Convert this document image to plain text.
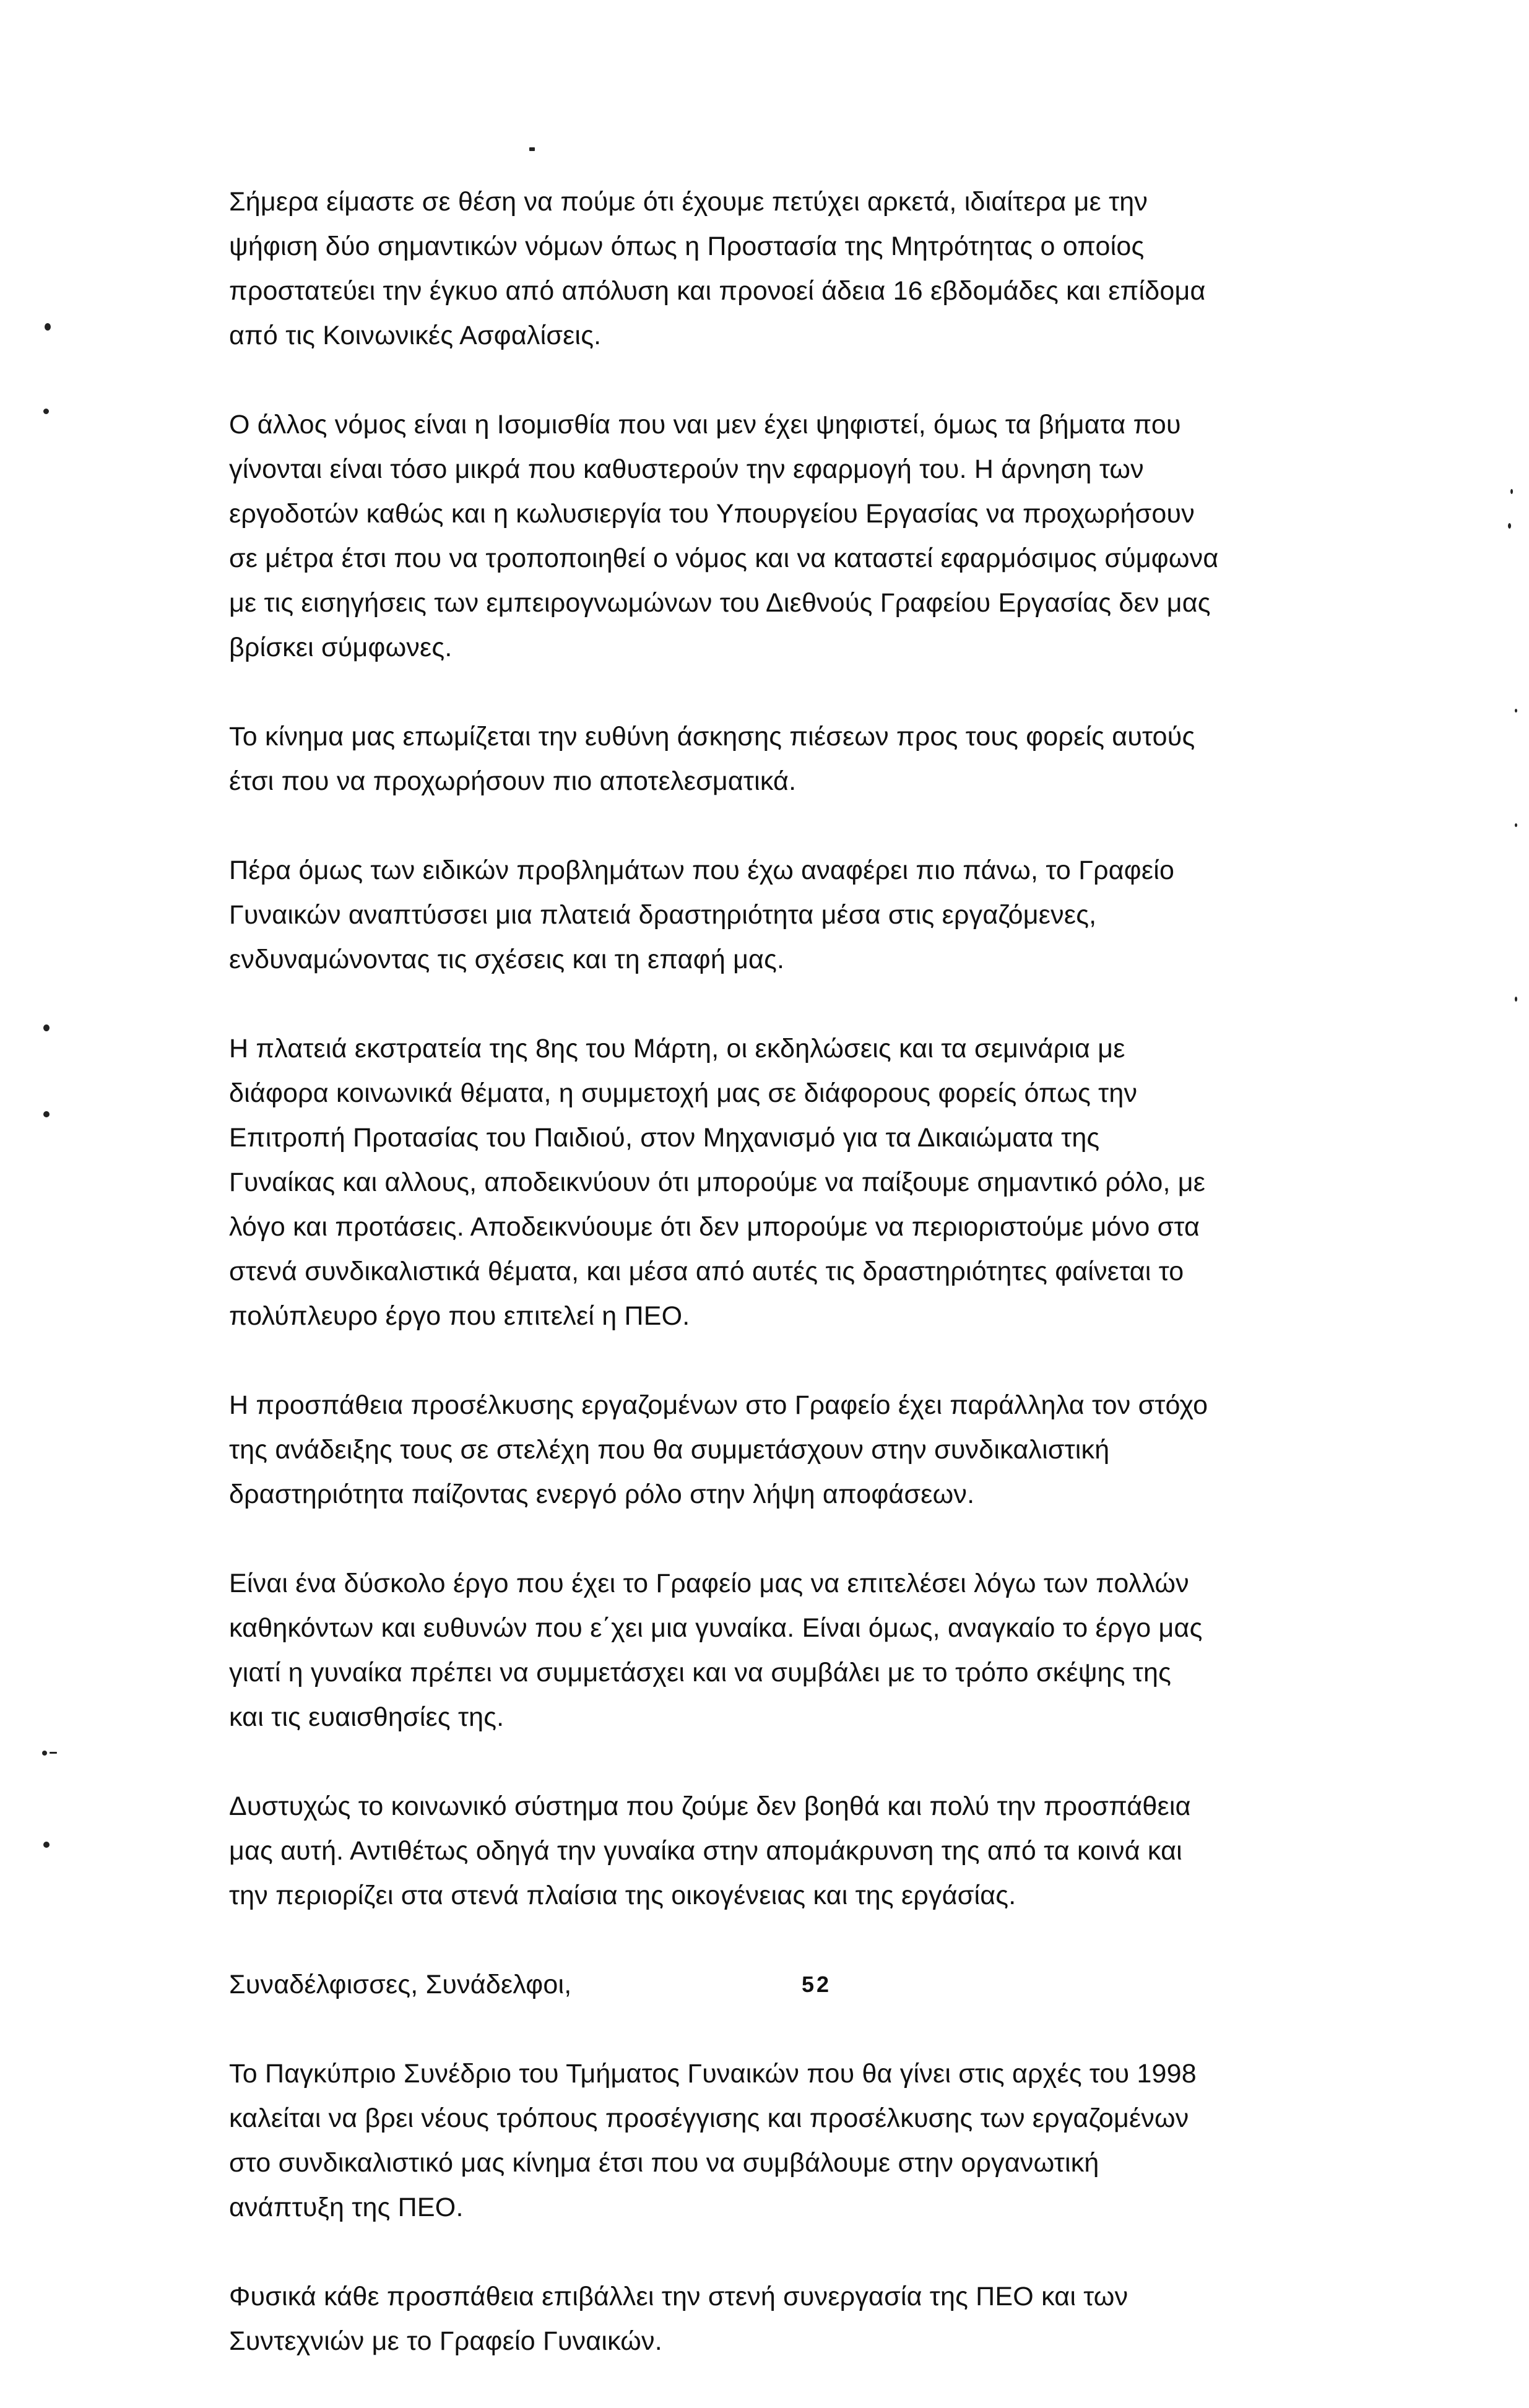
Σήμερα είμαστε σε θέση να πούμε ότι έχουμε πετύχει αρκετά, ιδιαίτερα με την
ψήφιση δύο σημαντικών νόμων όπως η Προστασία της Μητρότητας ο οποίος
προστατεύει την έγκυο από απόλυση και προνοεί άδεια 16 εβδομάδες και επίδομα
από τις Κοινωνικές Ασφαλίσεις.

Ο άλλος νόμος είναι η Ισομισθία που ναι μεν έχει ψηφιστεί, όμως τα βήματα που
γίνονται είναι τόσο μικρά που καθυστερούν την εφαρμογή του. Η άρνηση των
εργοδοτών καθώς και η κωλυσιεργία του Υπουργείου Εργασίας να προχωρήσουν
σε μέτρα έτσι που να τροποποιηθεί ο νόμος και να καταστεί εφαρμόσιμος σύμφωνα
με τις εισηγήσεις των εμπειρογνωμώνων του Διεθνούς Γραφείου Εργασίας δεν μας
βρίσκει σύμφωνες.

Το κίνημα μας επωμίζεται την ευθύνη άσκησης πιέσεων προς τους φορείς αυτούς
έτσι που να προχωρήσουν πιο αποτελεσματικά.

Πέρα όμως των ειδικών προβλημάτων που έχω αναφέρει πιο πάνω, το Γραφείο
Γυναικών αναπτύσσει μια πλατειά δραστηριότητα μέσα στις εργαζόμενες,
ενδυναμώνοντας τις σχέσεις και τη επαφή μας.

Η πλατειά εκστρατεία της 8ης του Μάρτη, οι εκδηλώσεις και τα σεμινάρια με
διάφορα κοινωνικά θέματα, η συμμετοχή μας σε διάφορους φορείς όπως την
Επιτροπή Προτασίας του Παιδιού, στον Μηχανισμό για τα Δικαιώματα της
Γυναίκας και αλλους, αποδεικνύουν ότι μπορούμε να παίξουμε σημαντικό ρόλο, με
λόγο και προτάσεις. Αποδεικνύουμε ότι δεν μπορούμε να περιοριστούμε μόνο στα
στενά συνδικαλιστικά θέματα, και μέσα από αυτές τις δραστηριότητες φαίνεται το
πολύπλευρο έργο που επιτελεί η ΠΕΟ.

Η προσπάθεια προσέλκυσης εργαζομένων στο Γραφείο έχει παράλληλα τον στόχο
της ανάδειξης τους σε στελέχη που θα συμμετάσχουν στην συνδικαλιστική
δραστηριότητα παίζοντας ενεργό ρόλο στην λήψη αποφάσεων.

Είναι ένα δύσκολο έργο που έχει το Γραφείο μας να επιτελέσει λόγω των πολλών
καθηκόντων και ευθυνών που ε΄χει μια γυναίκα. Είναι όμως, αναγκαίο το έργο μας
γιατί η γυναίκα πρέπει να συμμετάσχει και να συμβάλει με το τρόπο σκέψης της
και τις ευαισθησίες της.

Δυστυχώς το κοινωνικό σύστημα που ζούμε δεν βοηθά και πολύ την προσπάθεια
μας αυτή. Αντιθέτως οδηγά την γυναίκα στην απομάκρυνση της από τα κοινά και
την περιορίζει στα στενά πλαίσια της οικογένειας και της εργάσίας.

Συναδέλφισσες, Συνάδελφοι,

Το Παγκύπριο Συνέδριο του Τμήματος Γυναικών που θα γίνει στις αρχές του 1998
καλείται να βρει νέους τρόπους προσέγγισης και προσέλκυσης των εργαζομένων
στο συνδικαλιστικό μας κίνημα έτσι που να συμβάλουμε στην οργανωτική
ανάπτυξη της ΠΕΟ.

Φυσικά κάθε προσπάθεια επιβάλλει την στενή συνεργασία της ΠΕΟ και των
Συντεχνιών με το Γραφείο Γυναικών.

52
